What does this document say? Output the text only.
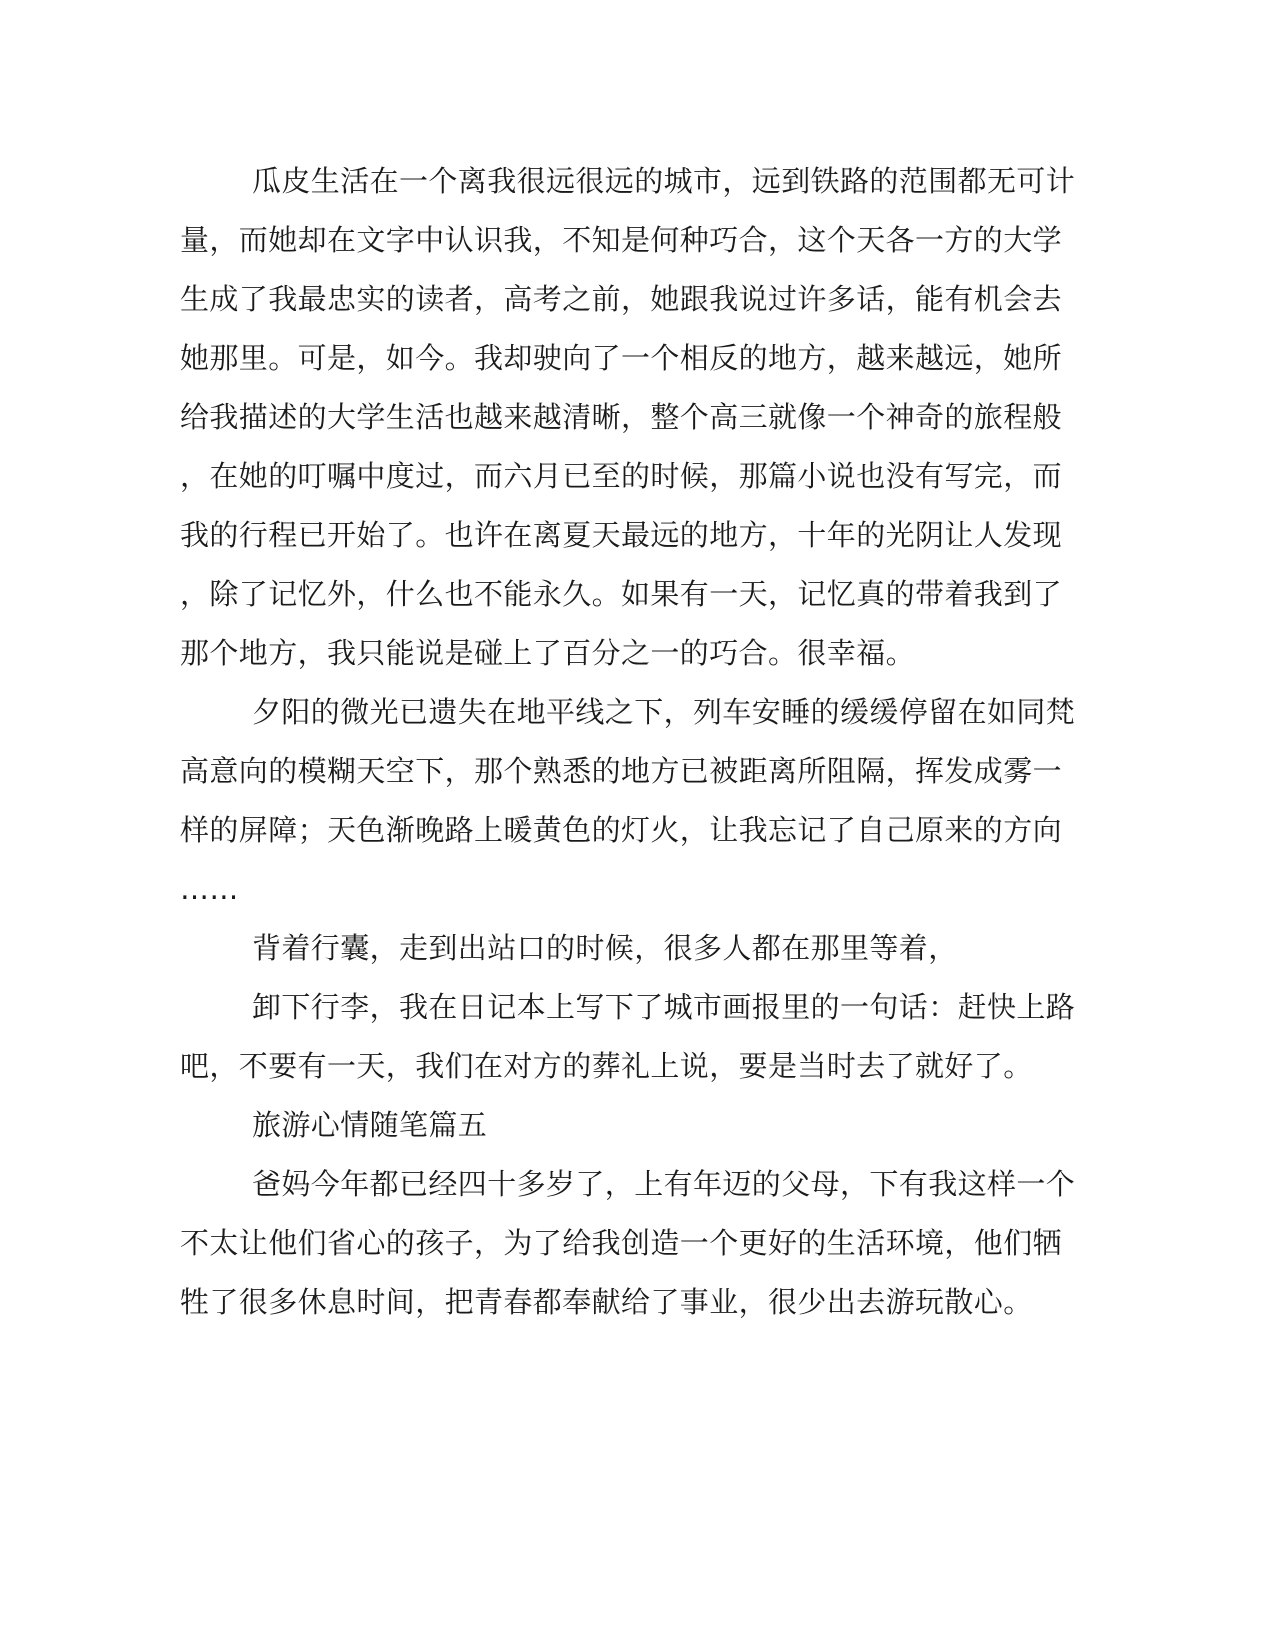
瓜皮生活在一个离我很远很远的城市，远到铁路的范围都无可计
量，而她却在文字中认识我，不知是何种巧合，这个天各一方的大学
生成了我最忠实的读者，高考之前，她跟我说过许多话，能有机会去
她那里。可是，如今。我却驶向了一个相反的地方，越来越远，她所
给我描述的大学生活也越来越清晰，整个高三就像一个神奇的旅程般
，在她的叮嘱中度过，而六月已至的时候，那篇小说也没有写完，而
我的行程已开始了。也许在离夏天最远的地方，十年的光阴让人发现
，除了记忆外，什么也不能永久。如果有一天，记忆真的带着我到了
那个地方，我只能说是碰上了百分之一的巧合。很幸福。
夕阳的微光已遗失在地平线之下，列车安睡的缓缓停留在如同梵
高意向的模糊天空下，那个熟悉的地方已被距离所阻隔，挥发成雾一
样的屏障；天色渐晚路上暖黄色的灯火，让我忘记了自己原来的方向
……
背着行囊，走到出站口的时候，很多人都在那里等着，
卸下行李，我在日记本上写下了城市画报里的一句话：赶快上路
吧，不要有一天，我们在对方的葬礼上说，要是当时去了就好了。
旅游心情随笔篇五
爸妈今年都已经四十多岁了，上有年迈的父母，下有我这样一个
不太让他们省心的孩子，为了给我创造一个更好的生活环境，他们牺
牲了很多休息时间，把青春都奉献给了事业，很少出去游玩散心。
